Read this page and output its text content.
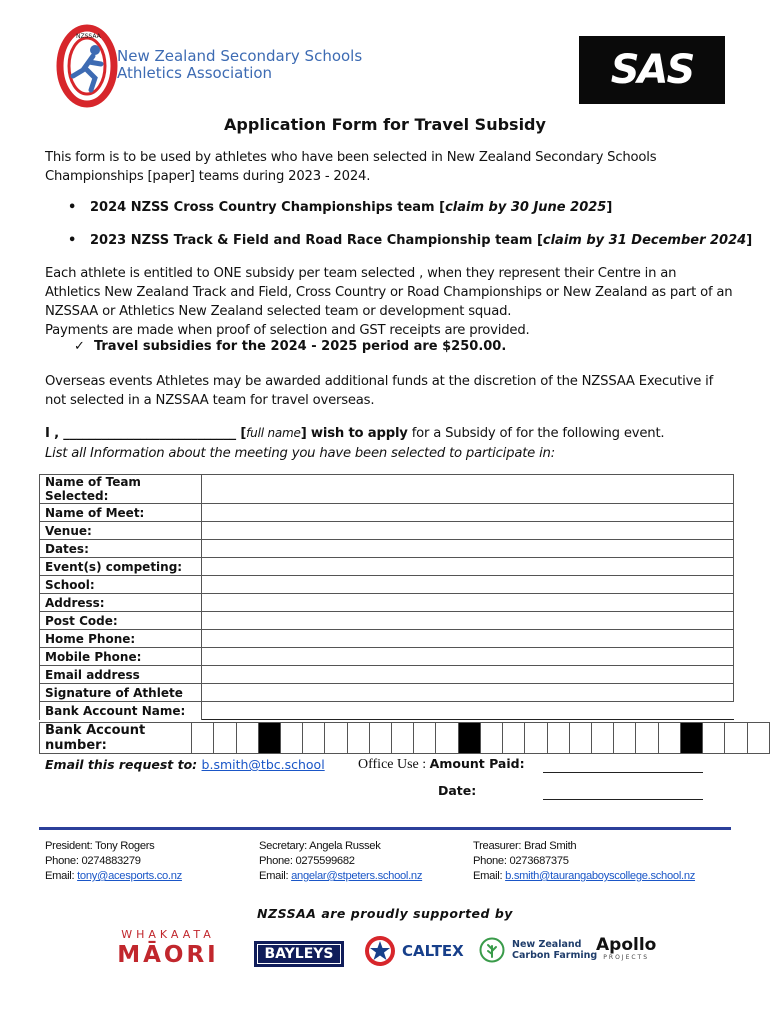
NZSSAA
New Zealand Secondary Schools
Athletics Association	SAS
Application Form for Travel Subsidy
This form is to be used by athletes who have been selected in New Zealand Secondary Schools Championships [paper] teams during 2023 - 2024.
• 2024 NZSS Cross Country Championships team [claim by 30 June 2025]
• 2023 NZSS Track & Field and Road Race Championship team [claim by 31 December 2024]
Each athlete is entitled to ONE subsidy per team selected , when they represent their Centre in an Athletics New Zealand Track and Field, Cross Country or Road Championships or New Zealand as part of an NZSSAA or Athletics New Zealand selected team or development squad.
Payments are made when proof of selection and GST receipts are provided.
✓  Travel subsidies for the 2024 - 2025 period are $250.00.
Overseas events Athletes may be awarded additional funds at the discretion of the NZSSAA Executive if not selected in a NZSSAA team for travel overseas.
I , ___________________________ [full name] wish to apply for a Subsidy of for the following event.
List all Information about the meeting you have been selected to participate in:
Name of Team Selected:	
Name of Meet:	
Venue:	
Dates:	
Event(s) competing:	
School:	
Address:	
Post Code:	
Home Phone:	
Mobile Phone:	
Email address	
Signature of Athlete	
Bank Account Name:	
Bank Account number:																										
Email this request to: b.smith@tbc.school Office Use : Amount Paid:
Date:
President: Tony Rogers
Phone: 0274883279
Email: tony@acesports.co.nz
Secretary: Angela Russek
Phone: 0275599682
Email: angelar@stpeters.school.nz
Treasurer: Brad Smith
Phone: 0273687375
Email: b.smith@taurangaboyscollege.school.nz
NZSSAA are proudly supported by
WHAKAATA
MĀORI	BAYLEYS	CALTEX	New Zealand
Carbon Farming
Apollo
PROJECTS
